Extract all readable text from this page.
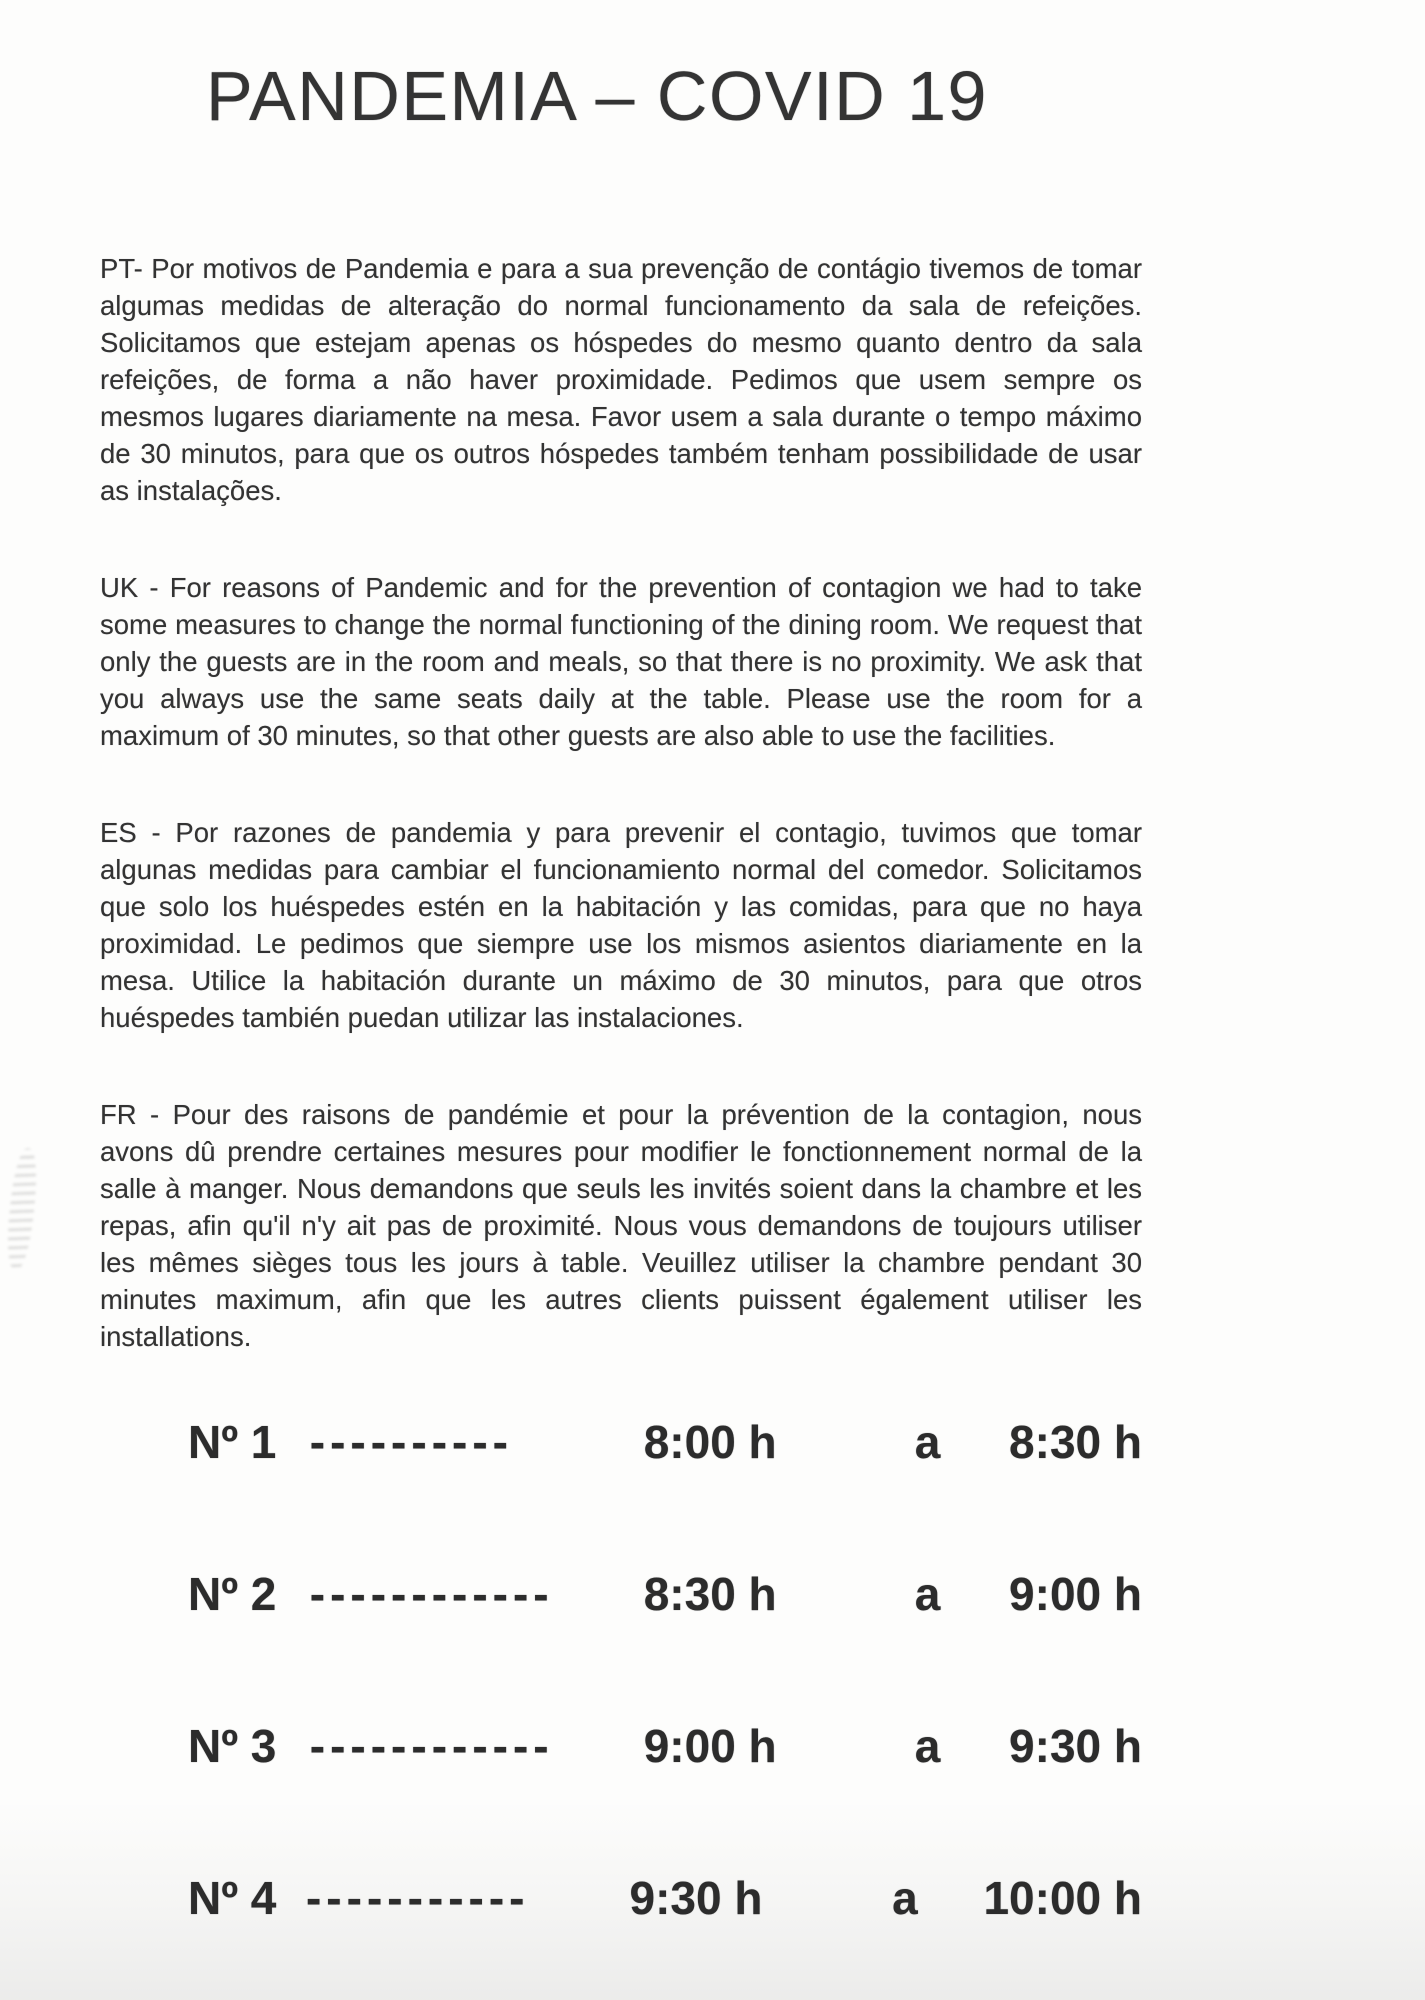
PANDEMIA – COVID 19

PT- Por motivos de Pandemia e para a sua prevenção de contágio tivemos de tomar algumas medidas de alteração do normal funcionamento da sala de refeições. Solicitamos que estejam apenas os hóspedes do mesmo quanto dentro da sala refeições, de forma a não haver proximidade. Pedimos que usem sempre os mesmos lugares diariamente na mesa. Favor usem a sala durante o tempo máximo de 30 minutos, para que os outros hóspedes também tenham possibilidade de usar as instalações.

UK - For reasons of Pandemic and for the prevention of contagion we had to take some measures to change the normal functioning of the dining room. We request that only the guests are in the room and meals, so that there is no proximity. We ask that you always use the same seats daily at the table. Please use the room for a maximum of 30 minutes, so that other guests are also able to use the facilities.

ES - Por razones de pandemia y para prevenir el contagio, tuvimos que tomar algunas medidas para cambiar el funcionamiento normal del comedor. Solicitamos que solo los huéspedes estén en la habitación y las comidas, para que no haya proximidad. Le pedimos que siempre use los mismos asientos diariamente en la mesa. Utilice la habitación durante un máximo de 30 minutos, para que otros huéspedes también puedan utilizar las instalaciones.

FR - Pour des raisons de pandémie et pour la prévention de la contagion, nous avons dû prendre certaines mesures pour modifier le fonctionnement normal de la salle à manger. Nous demandons que seuls les invités soient dans la chambre et les repas, afin qu'il n'y ait pas de proximité. Nous vous demandons de toujours utiliser les mêmes sièges tous les jours à table. Veuillez utiliser la chambre pendant 30 minutes maximum, afin que les autres clients puissent également utiliser les installations.

Nº 1 ----------	8:00 h	a	8:30 h
Nº 2 ------------	8:30 h	a	9:00 h
Nº 3 ------------	9:00 h	a	9:30 h
Nº 4 -----------	9:30 h	a	10:00 h
